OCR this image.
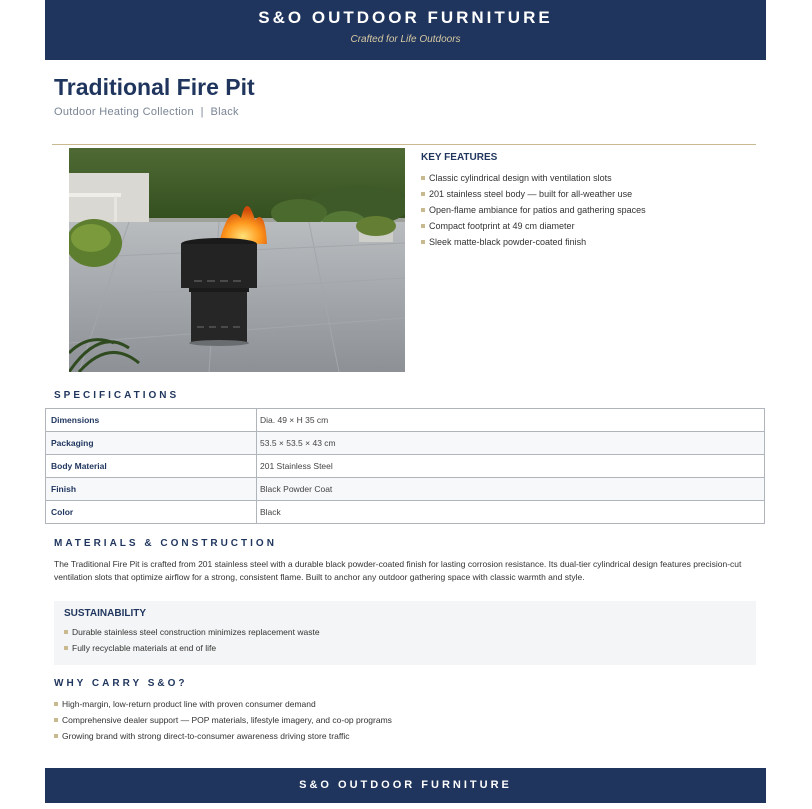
S&O OUTDOOR FURNITURE
Crafted for Life Outdoors
Traditional Fire Pit
Outdoor Heating Collection  |  Black
KEY FEATURES
Classic cylindrical design with ventilation slots
201 stainless steel body — built for all-weather use
Open-flame ambiance for patios and gathering spaces
Compact footprint at 49 cm diameter
Sleek matte-black powder-coated finish
SPECIFICATIONS
Dimensions	Dia. 49 × H 35 cm
Packaging	53.5 × 53.5 × 43 cm
Body Material	201 Stainless Steel
Finish	Black Powder Coat
Color	Black
MATERIALS & CONSTRUCTION
The Traditional Fire Pit is crafted from 201 stainless steel with a durable black powder-coated finish for lasting corrosion resistance. Its dual-tier cylindrical design features precision-cut ventilation slots that optimize airflow for a strong, consistent flame. Built to anchor any outdoor gathering space with classic warmth and style.
SUSTAINABILITY
Durable stainless steel construction minimizes replacement waste
Fully recyclable materials at end of life
WHY CARRY S&O?
High-margin, low-return product line with proven consumer demand
Comprehensive dealer support — POP materials, lifestyle imagery, and co-op programs
Growing brand with strong direct-to-consumer awareness driving store traffic
S&O OUTDOOR FURNITURE
